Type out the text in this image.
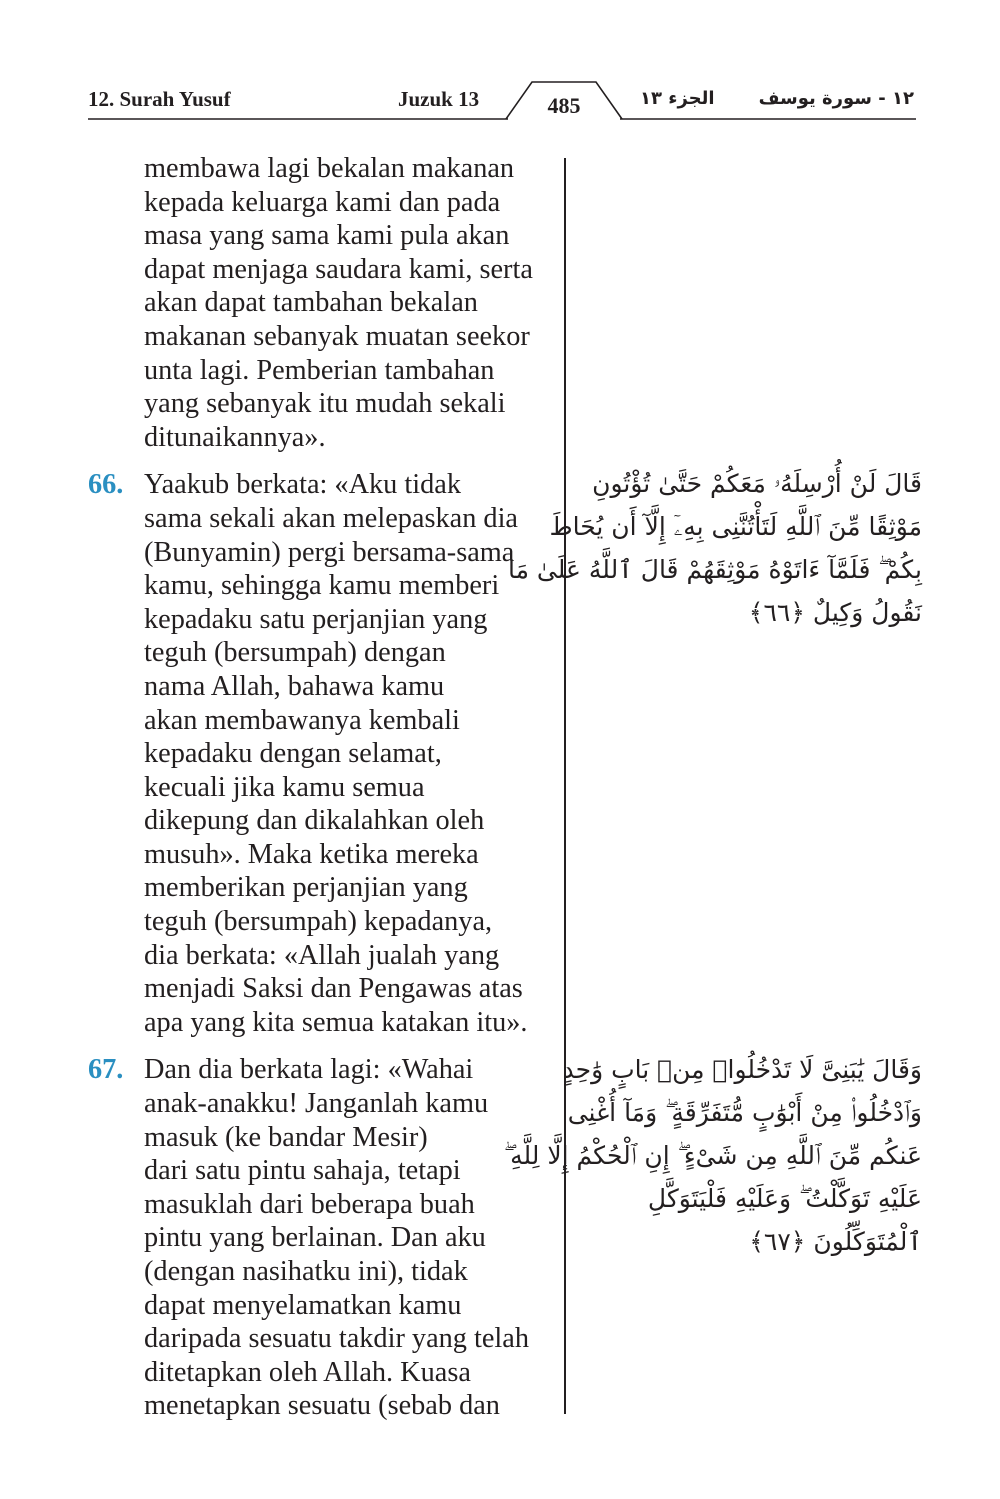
12. Surah Yusuf	Juzuk 13	485	الجزء ١٣ ١٢ - سورة يوسف

membawa lagi bekalan makanan

kepada keluarga kami dan pada

masa yang sama kami pula akan

dapat menjaga saudara kami, serta

akan dapat tambahan bekalan

makanan sebanyak muatan seekor

unta lagi. Pemberian tambahan

yang sebanyak itu mudah sekali

ditunaikannya».

66. Yaakub berkata: «Aku tidak

sama sekali akan melepaskan dia

(Bunyamin) pergi bersama-sama

kamu, sehingga kamu memberi

kepadaku satu perjanjian yang

teguh (bersumpah) dengan

nama Allah, bahawa kamu

akan membawanya kembali

kepadaku dengan selamat,

kecuali jika kamu semua

dikepung dan dikalahkan oleh

musuh». Maka ketika mereka

memberikan perjanjian yang

teguh (bersumpah) kepadanya,

dia berkata: «Allah jualah yang

menjadi Saksi dan Pengawas atas

apa yang kita semua katakan itu».

67. Dan dia berkata lagi: «Wahai

anak-anakku! Janganlah kamu

masuk (ke bandar Mesir)

dari satu pintu sahaja, tetapi

masuklah dari beberapa buah

pintu yang berlainan. Dan aku

(dengan nasihatku ini), tidak

dapat menyelamatkan kamu

daripada sesuatu takdir yang telah

ditetapkan oleh Allah. Kuasa

menetapkan sesuatu (sebab dan

قَالَ لَنْ أُرْسِلَهُۥ مَعَكُمْ حَتَّىٰ تُؤْتُونِ

مَوْثِقًا مِّنَ ٱللَّهِ لَتَأْتُنَّنِى بِهِۦٓ إِلَّآ أَن يُحَاطَ

بِكُمْ ۖ فَلَمَّآ ءَاتَوْهُ مَوْثِقَهُمْ قَالَ ٱللَّهُ عَلَىٰ مَا

نَقُولُ وَكِيلٌ ﴿٦٦﴾

وَقَالَ يَٰبَنِىَّ لَا تَدْخُلُوا۟ مِنۢ بَابٍ وَٰحِدٍ

وَٱدْخُلُوا۟ مِنْ أَبْوَٰبٍ مُّتَفَرِّقَةٍ ۖ وَمَآ أُغْنِى

عَنكُم مِّنَ ٱللَّهِ مِن شَىْءٍ ۖ إِنِ ٱلْحُكْمُ إِلَّا لِلَّهِ ۖ

عَلَيْهِ تَوَكَّلْتُ ۖ وَعَلَيْهِ فَلْيَتَوَكَّلِ

ٱلْمُتَوَكِّلُونَ ﴿٦٧﴾
